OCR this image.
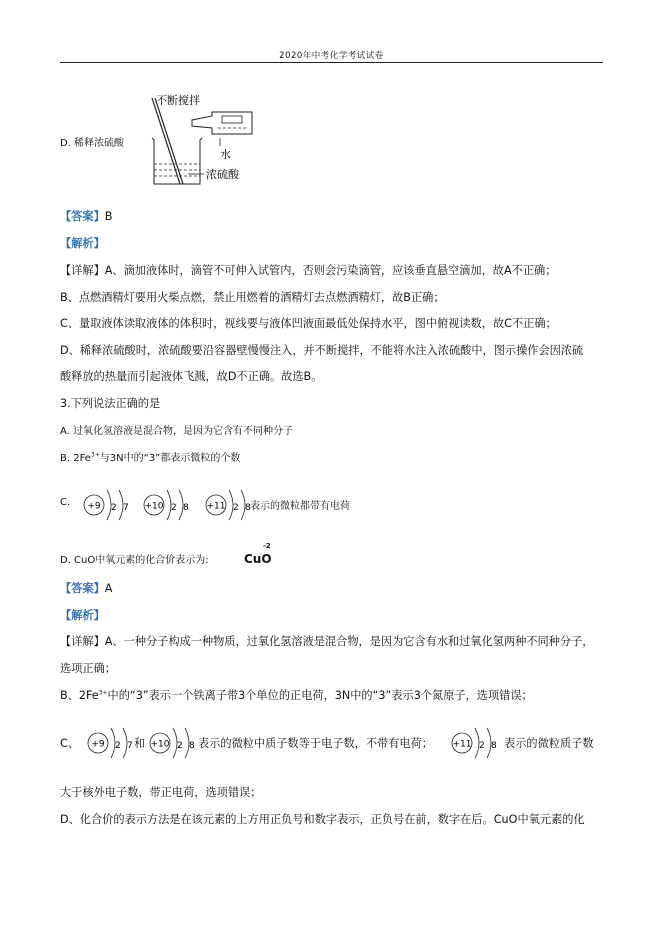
2020年中考化学考试试卷
D. 稀释浓硫酸
不断搅拌
水
浓硫酸
【答案】B
【解析】
【详解】A、滴加液体时，滴管不可伸入试管内，否则会污染滴管，应该垂直悬空滴加，故A不正确；
B、点燃酒精灯要用火柴点燃，禁止用燃着的酒精灯去点燃酒精灯，故B正确；
C、量取液体读取液体的体积时，视线要与液体凹液面最低处保持水平，图中俯视读数，故C不正确；
D、稀释浓硫酸时，浓硫酸要沿容器壁慢慢注入，并不断搅拌，不能将水注入浓硫酸中，图示操作会因浓硫
酸释放的热量而引起液体飞溅，故D不正确。故选B。
3.下列说法正确的是
A. 过氧化氢溶液是混合物，是因为它含有不同种分子
B. $2Fe^{3+}$与3N中的“3”都表示微粒的个数
C. +9 2 7 +10 2 8 +11 2 8 表示的微粒都带有电荷
D. CuO中氧元素的化合价表示为:
-2
CuO
【答案】A
【解析】
【详解】A、一种分子构成一种物质，过氧化氢溶液是混合物，是因为它含有水和过氧化氢两种不同种分子，
选项正确；
B、$2Fe^{3+}$中的“3”表示一个铁离子带3个单位的正电荷，3N中的“3”表示3个氮原子，选项错误；
C、 +9 2 7 +10 2 8
和	表示的微粒中质子数等于电子数，不带有电荷； +11 2 8 表示的微粒质子数
大于核外电子数，带正电荷，选项错误；
D、化合价的表示方法是在该元素的上方用正负号和数字表示，正负号在前，数字在后。CuO中氧元素的化
